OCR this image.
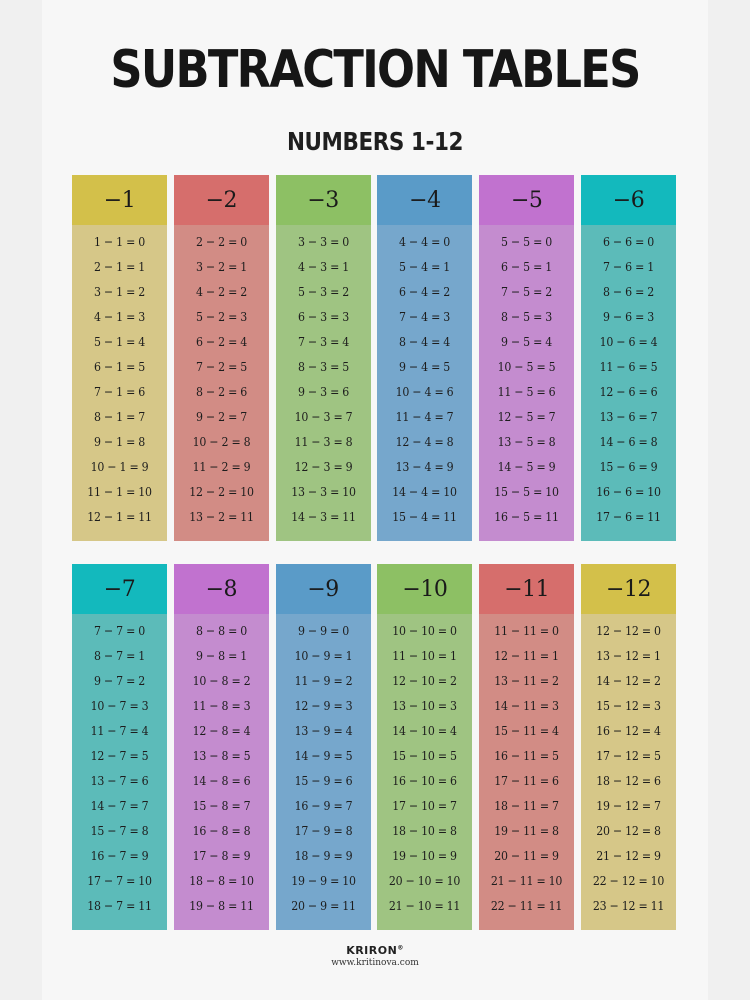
SUBTRACTION TABLES
NUMBERS 1-12
−1
1 − 1 = 0
2 − 1 = 1
3 − 1 = 2
4 − 1 = 3
5 − 1 = 4
6 − 1 = 5
7 − 1 = 6
8 − 1 = 7
9 − 1 = 8
10 − 1 = 9
11 − 1 = 10
12 − 1 = 11
−2
2 − 2 = 0
3 − 2 = 1
4 − 2 = 2
5 − 2 = 3
6 − 2 = 4
7 − 2 = 5
8 − 2 = 6
9 − 2 = 7
10 − 2 = 8
11 − 2 = 9
12 − 2 = 10
13 − 2 = 11
−3
3 − 3 = 0
4 − 3 = 1
5 − 3 = 2
6 − 3 = 3
7 − 3 = 4
8 − 3 = 5
9 − 3 = 6
10 − 3 = 7
11 − 3 = 8
12 − 3 = 9
13 − 3 = 10
14 − 3 = 11
−4
4 − 4 = 0
5 − 4 = 1
6 − 4 = 2
7 − 4 = 3
8 − 4 = 4
9 − 4 = 5
10 − 4 = 6
11 − 4 = 7
12 − 4 = 8
13 − 4 = 9
14 − 4 = 10
15 − 4 = 11
−5
5 − 5 = 0
6 − 5 = 1
7 − 5 = 2
8 − 5 = 3
9 − 5 = 4
10 − 5 = 5
11 − 5 = 6
12 − 5 = 7
13 − 5 = 8
14 − 5 = 9
15 − 5 = 10
16 − 5 = 11
−6
6 − 6 = 0
7 − 6 = 1
8 − 6 = 2
9 − 6 = 3
10 − 6 = 4
11 − 6 = 5
12 − 6 = 6
13 − 6 = 7
14 − 6 = 8
15 − 6 = 9
16 − 6 = 10
17 − 6 = 11
−7
7 − 7 = 0
8 − 7 = 1
9 − 7 = 2
10 − 7 = 3
11 − 7 = 4
12 − 7 = 5
13 − 7 = 6
14 − 7 = 7
15 − 7 = 8
16 − 7 = 9
17 − 7 = 10
18 − 7 = 11
−8
8 − 8 = 0
9 − 8 = 1
10 − 8 = 2
11 − 8 = 3
12 − 8 = 4
13 − 8 = 5
14 − 8 = 6
15 − 8 = 7
16 − 8 = 8
17 − 8 = 9
18 − 8 = 10
19 − 8 = 11
−9
9 − 9 = 0
10 − 9 = 1
11 − 9 = 2
12 − 9 = 3
13 − 9 = 4
14 − 9 = 5
15 − 9 = 6
16 − 9 = 7
17 − 9 = 8
18 − 9 = 9
19 − 9 = 10
20 − 9 = 11
−10
10 − 10 = 0
11 − 10 = 1
12 − 10 = 2
13 − 10 = 3
14 − 10 = 4
15 − 10 = 5
16 − 10 = 6
17 − 10 = 7
18 − 10 = 8
19 − 10 = 9
20 − 10 = 10
21 − 10 = 11
−11
11 − 11 = 0
12 − 11 = 1
13 − 11 = 2
14 − 11 = 3
15 − 11 = 4
16 − 11 = 5
17 − 11 = 6
18 − 11 = 7
19 − 11 = 8
20 − 11 = 9
21 − 11 = 10
22 − 11 = 11
−12
12 − 12 = 0
13 − 12 = 1
14 − 12 = 2
15 − 12 = 3
16 − 12 = 4
17 − 12 = 5
18 − 12 = 6
19 − 12 = 7
20 − 12 = 8
21 − 12 = 9
22 − 12 = 10
23 − 12 = 11
KRIRON®
www.kritinova.com
